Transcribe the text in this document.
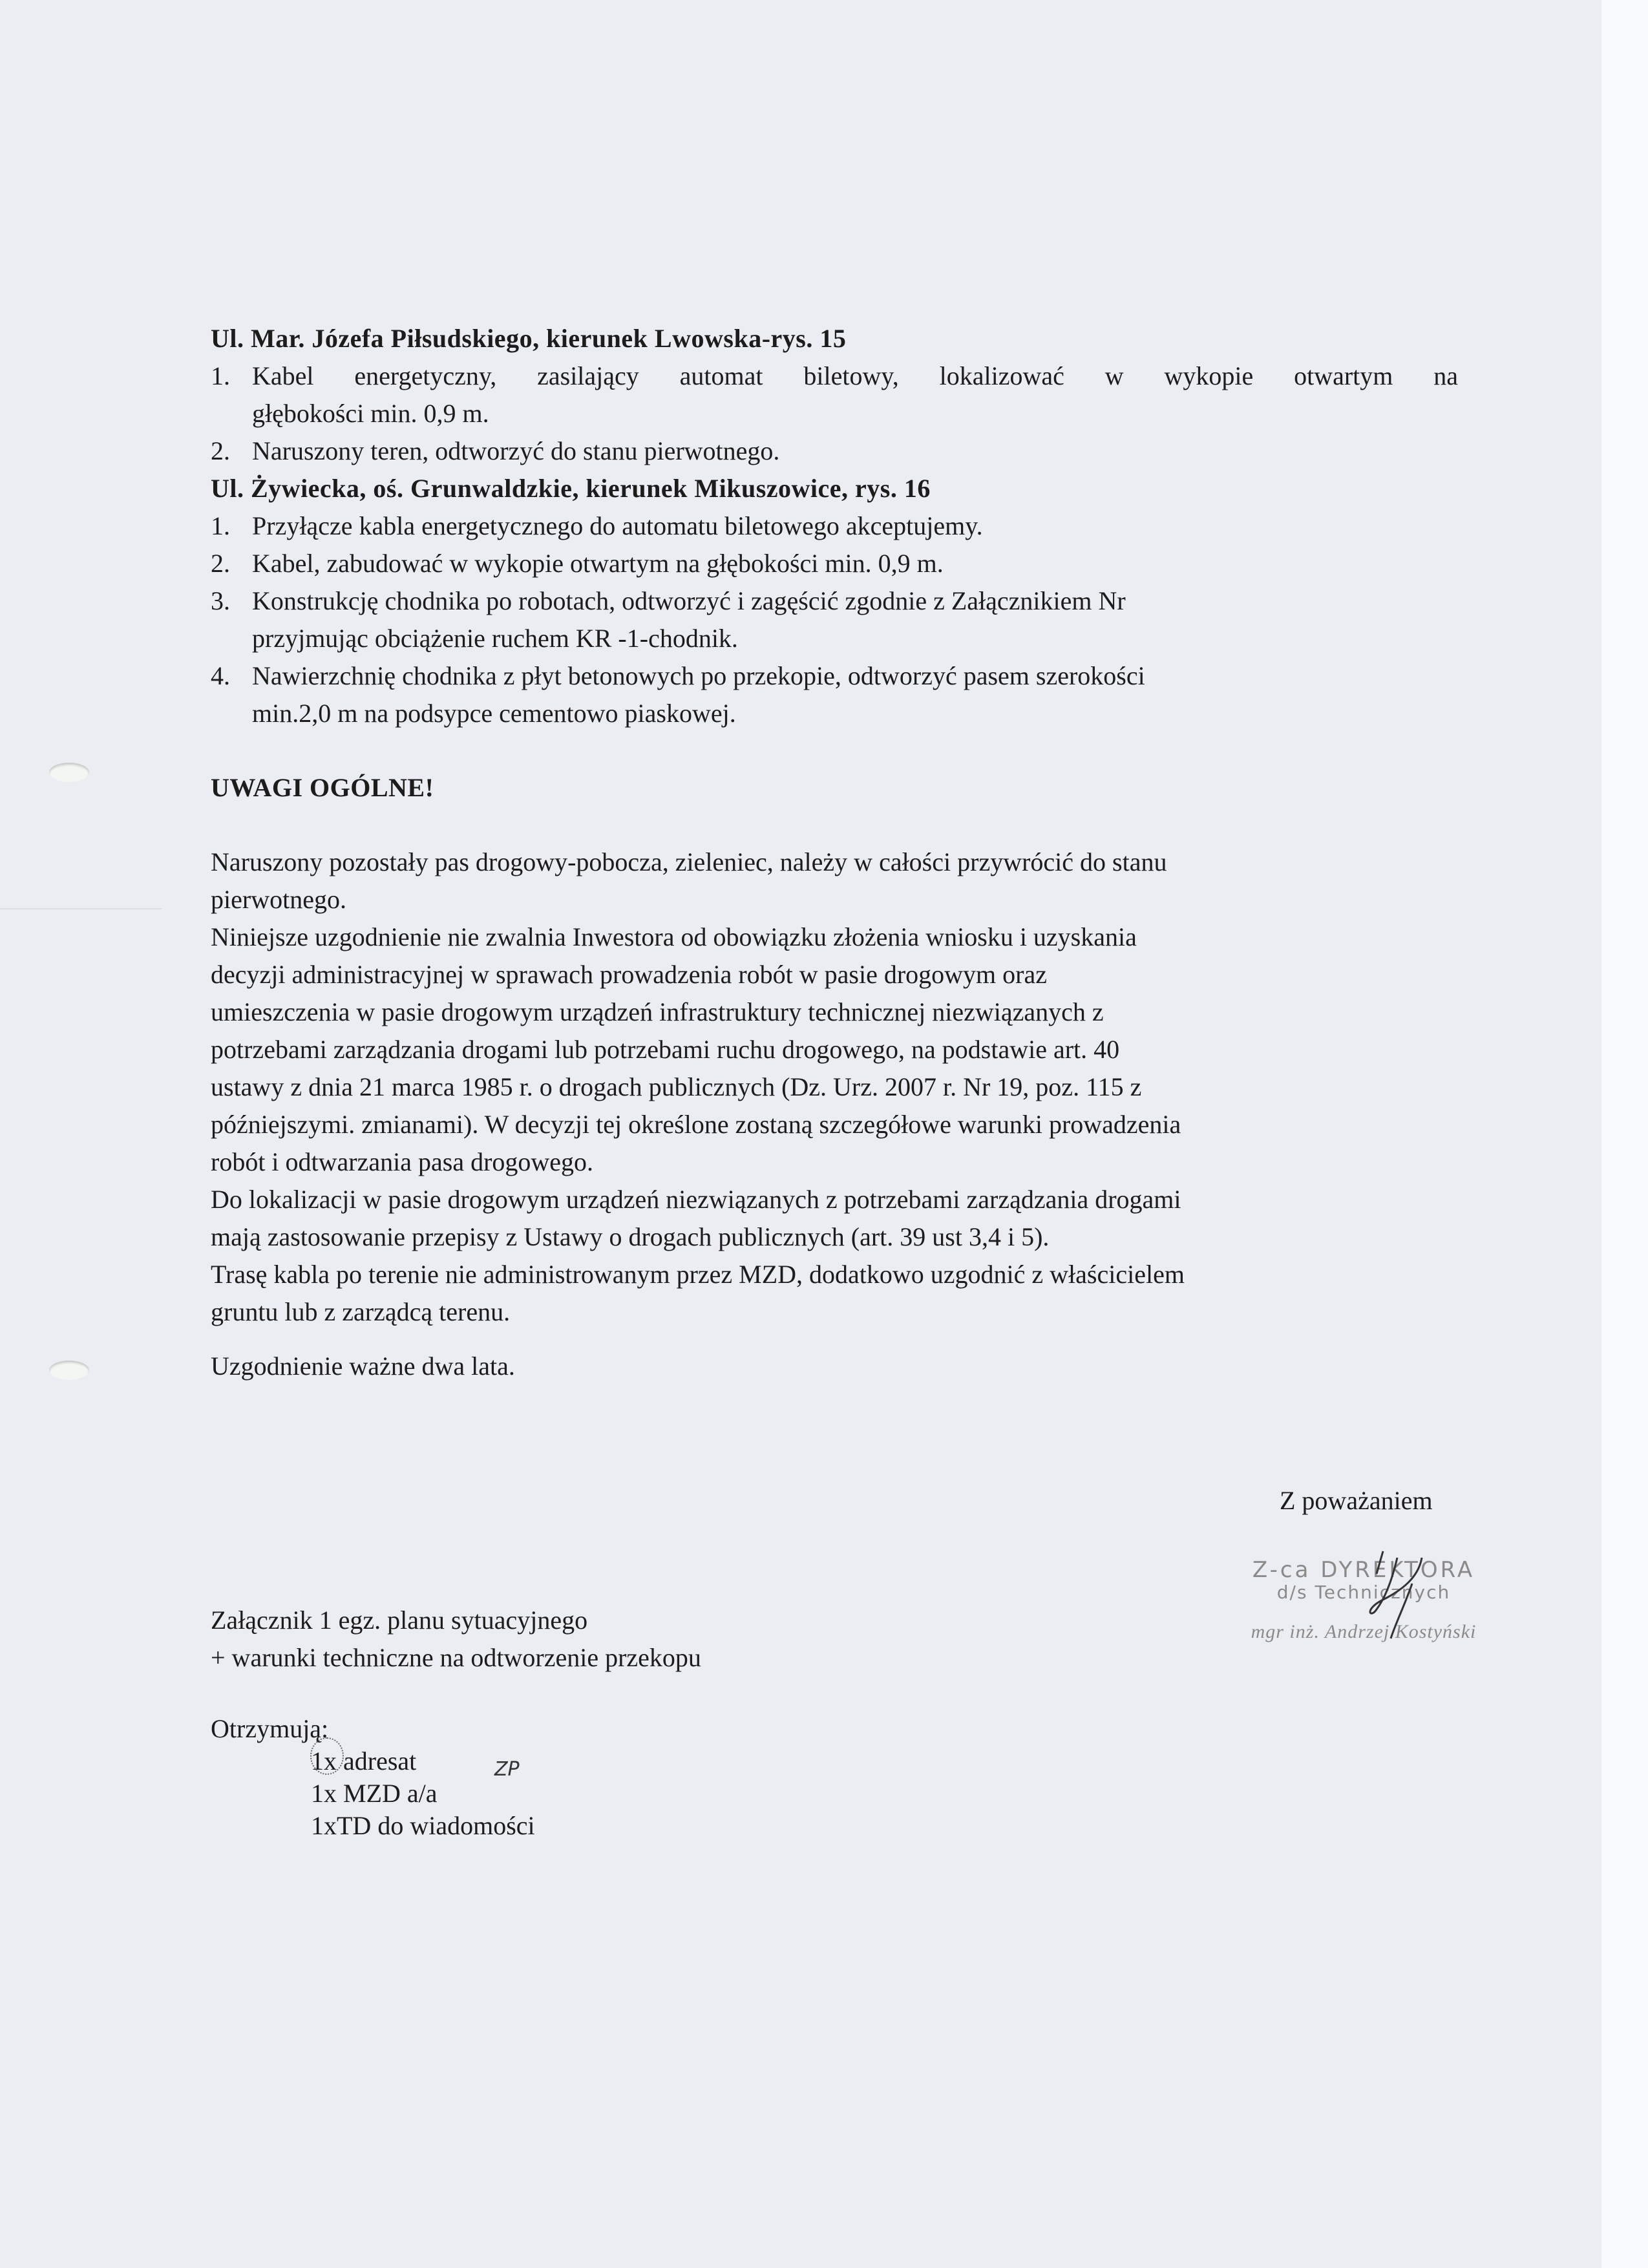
Ul. Mar. Józefa Piłsudskiego, kierunek Lwowska-rys. 15
1. Kabel energetyczny, zasilający automat biletowy, lokalizować w wykopie otwartym na
głębokości min. 0,9 m.
2. Naruszony teren, odtworzyć do stanu pierwotnego.
Ul. Żywiecka, oś. Grunwaldzkie, kierunek Mikuszowice, rys. 16
1. Przyłącze kabla energetycznego do automatu biletowego akceptujemy.
2. Kabel, zabudować w wykopie otwartym na głębokości min. 0,9 m.
3. Konstrukcję chodnika po robotach, odtworzyć i zagęścić zgodnie z Załącznikiem Nr
przyjmując obciążenie ruchem KR -1-chodnik.
4. Nawierzchnię chodnika z płyt betonowych po przekopie, odtworzyć pasem szerokości
min.2,0 m na podsypce cementowo piaskowej.
UWAGI OGÓLNE!
Naruszony pozostały pas drogowy-pobocza, zieleniec, należy w całości przywrócić do stanu
pierwotnego.
Niniejsze uzgodnienie nie zwalnia Inwestora od obowiązku złożenia wniosku i uzyskania
decyzji administracyjnej w sprawach prowadzenia robót w pasie drogowym oraz
umieszczenia w pasie drogowym urządzeń infrastruktury technicznej niezwiązanych z
potrzebami zarządzania drogami lub potrzebami ruchu drogowego, na podstawie art. 40
ustawy z dnia 21 marca 1985 r. o drogach publicznych (Dz. Urz. 2007 r. Nr 19, poz. 115 z
późniejszymi. zmianami). W decyzji tej określone zostaną szczegółowe warunki prowadzenia
robót i odtwarzania pasa drogowego.
Do lokalizacji w pasie drogowym urządzeń niezwiązanych z potrzebami zarządzania drogami
mają zastosowanie przepisy z Ustawy o drogach publicznych (art. 39 ust 3,4 i 5).
Trasę kabla po terenie nie administrowanym przez MZD, dodatkowo uzgodnić z właścicielem
gruntu lub z zarządcą terenu.
Uzgodnienie ważne dwa lata.
Z poważaniem
Z-ca DYREKTORA
d/s Technicznych
mgr inż. Andrzej Kostyński
Załącznik 1 egz. planu sytuacyjnego
+ warunki techniczne na odtworzenie przekopu
Otrzymują:
1x adresat
1x MZD a/a
1xTD do wiadomości
ZP
